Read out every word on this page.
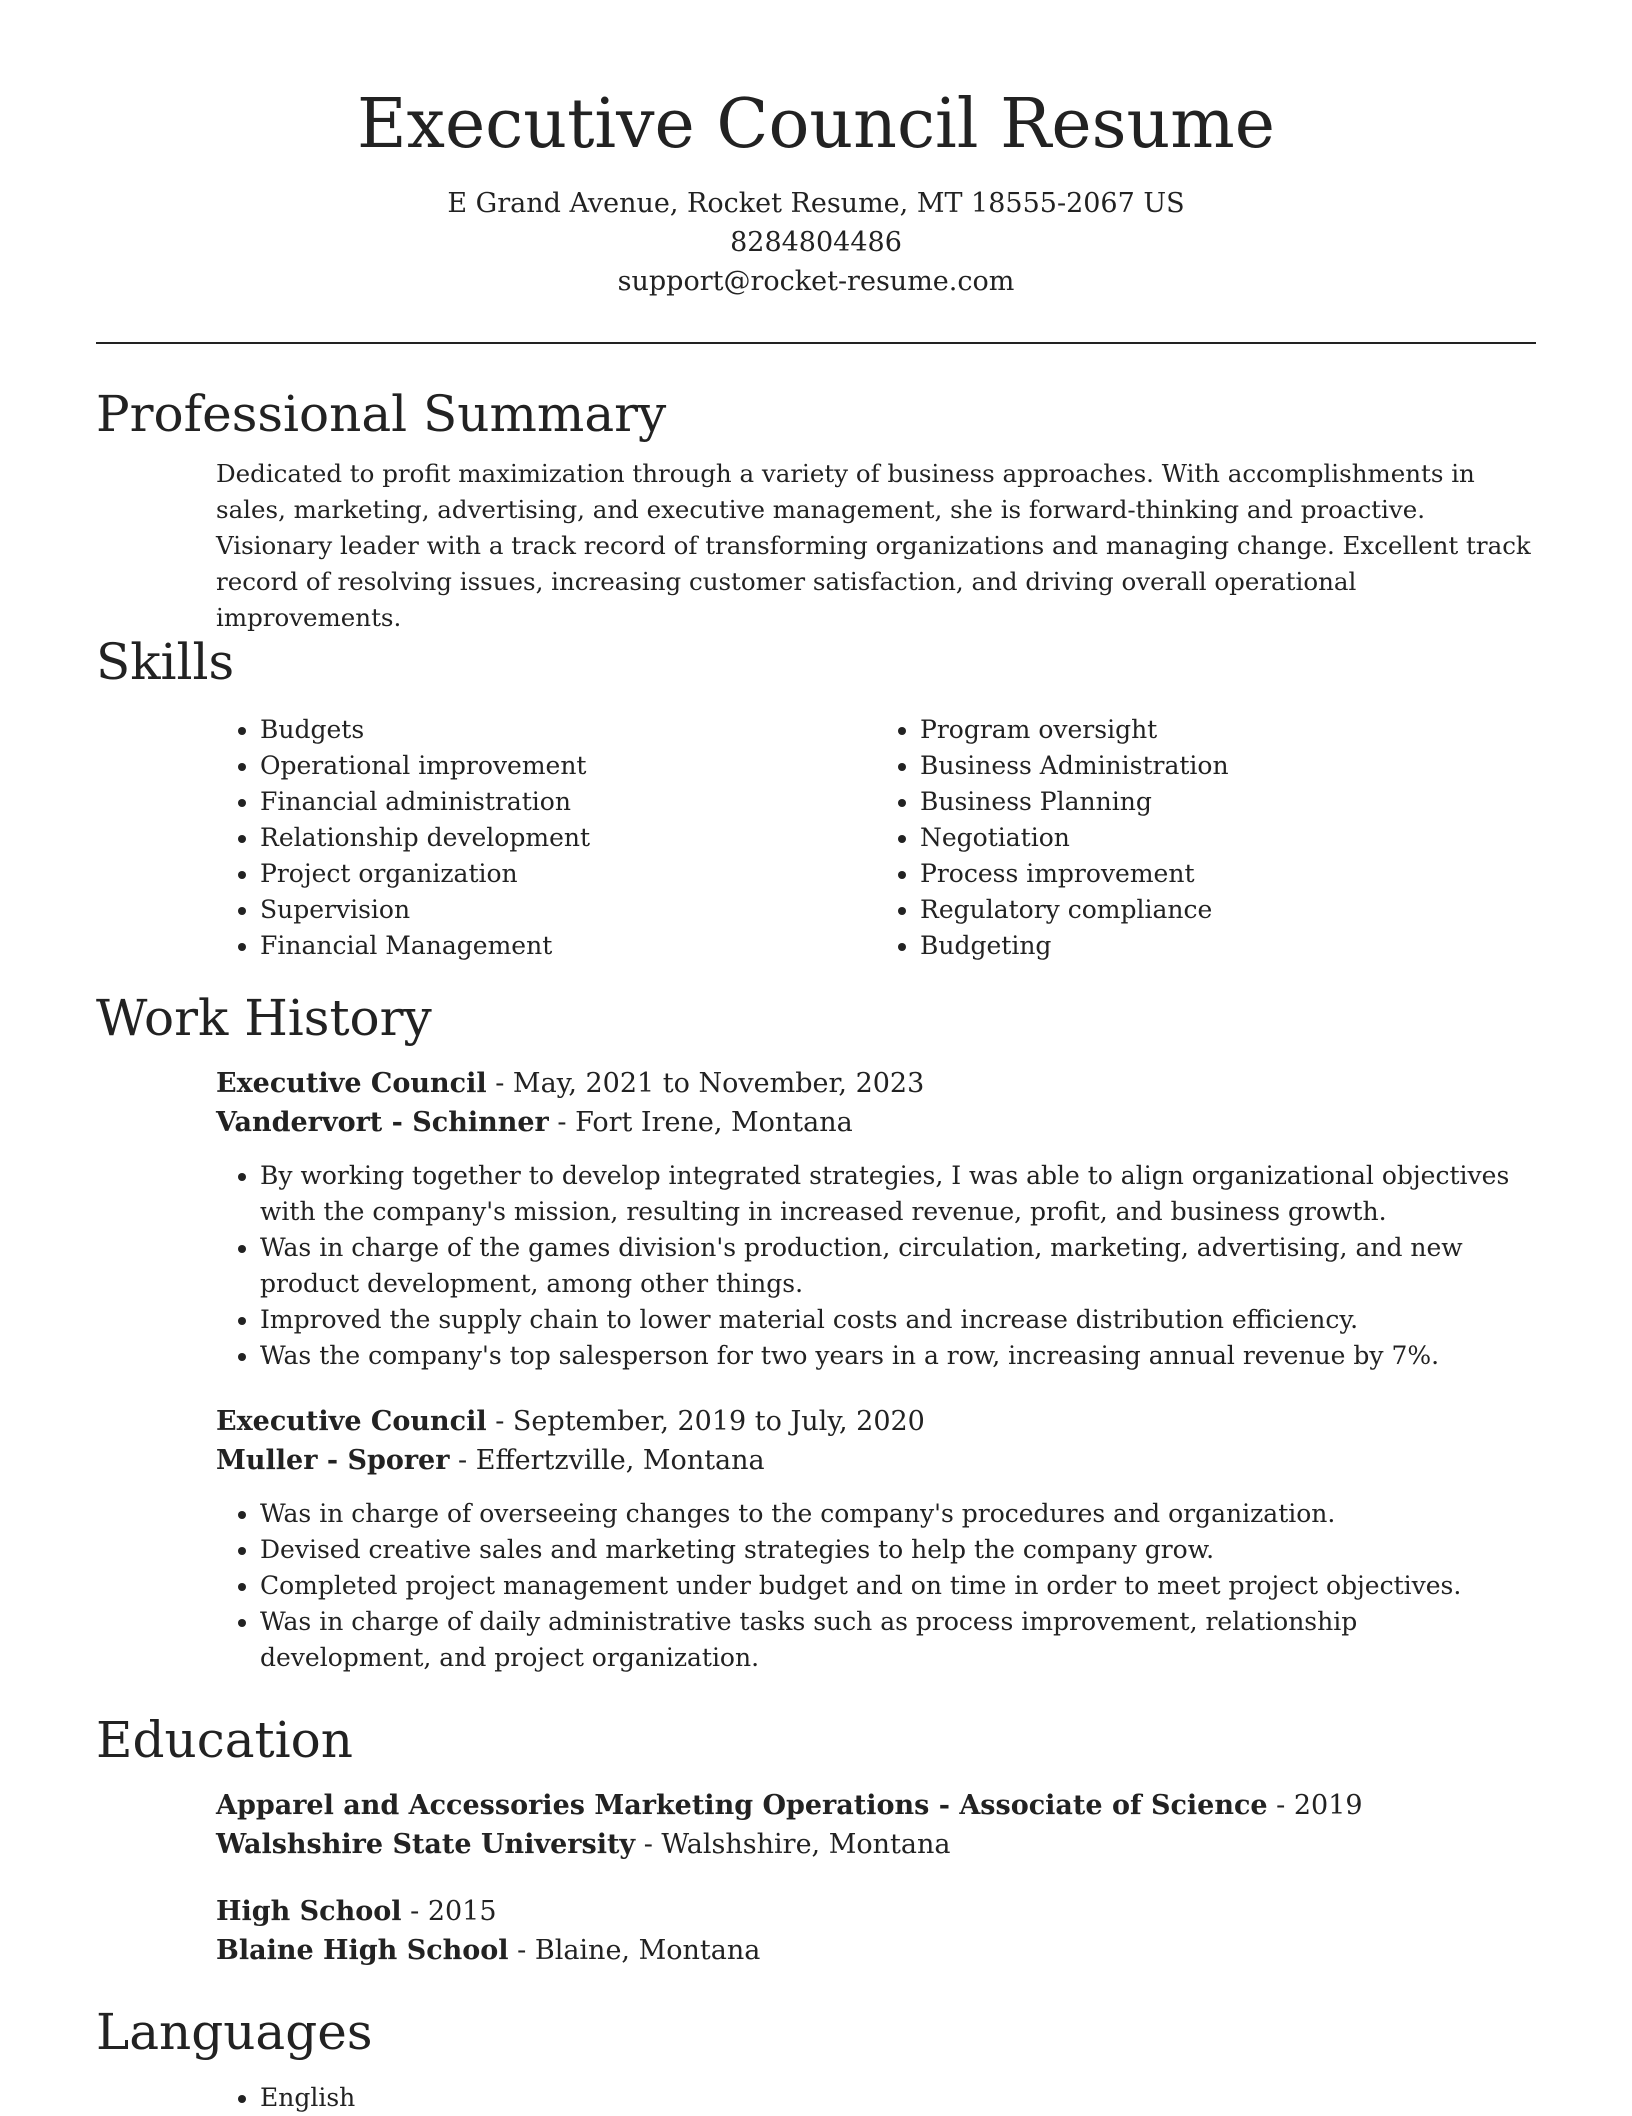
Executive Council Resume
E Grand Avenue, Rocket Resume, MT 18555-2067 US
8284804486
support@rocket-resume.com
Professional Summary

Dedicated to profit maximization through a variety of business approaches. With accomplishments in sales, marketing, advertising, and executive management, she is forward-thinking and proactive. Visionary leader with a track record of transforming organizations and managing change. Excellent track record of resolving issues, increasing customer satisfaction, and driving overall operational improvements.

Skills
• Budgets
• Operational improvement
• Financial administration
• Relationship development
• Project organization
• Supervision
• Financial Management
• Program oversight
• Business Administration
• Business Planning
• Negotiation
• Process improvement
• Regulatory compliance
• Budgeting
Work History
Executive Council - May, 2021 to November, 2023
Vandervort - Schinner - Fort Irene, Montana
• By working together to develop integrated strategies, I was able to align organizational objectives with the company's mission, resulting in increased revenue, profit, and business growth.
• Was in charge of the games division's production, circulation, marketing, advertising, and new product development, among other things.
• Improved the supply chain to lower material costs and increase distribution efficiency.
• Was the company's top salesperson for two years in a row, increasing annual revenue by 7%.
Executive Council - September, 2019 to July, 2020
Muller - Sporer - Effertzville, Montana
• Was in charge of overseeing changes to the company's procedures and organization.
• Devised creative sales and marketing strategies to help the company grow.
• Completed project management under budget and on time in order to meet project objectives.
• Was in charge of daily administrative tasks such as process improvement, relationship development, and project organization.
Education
Apparel and Accessories Marketing Operations - Associate of Science - 2019
Walshshire State University - Walshshire, Montana
High School - 2015
Blaine High School - Blaine, Montana
Languages
• English
